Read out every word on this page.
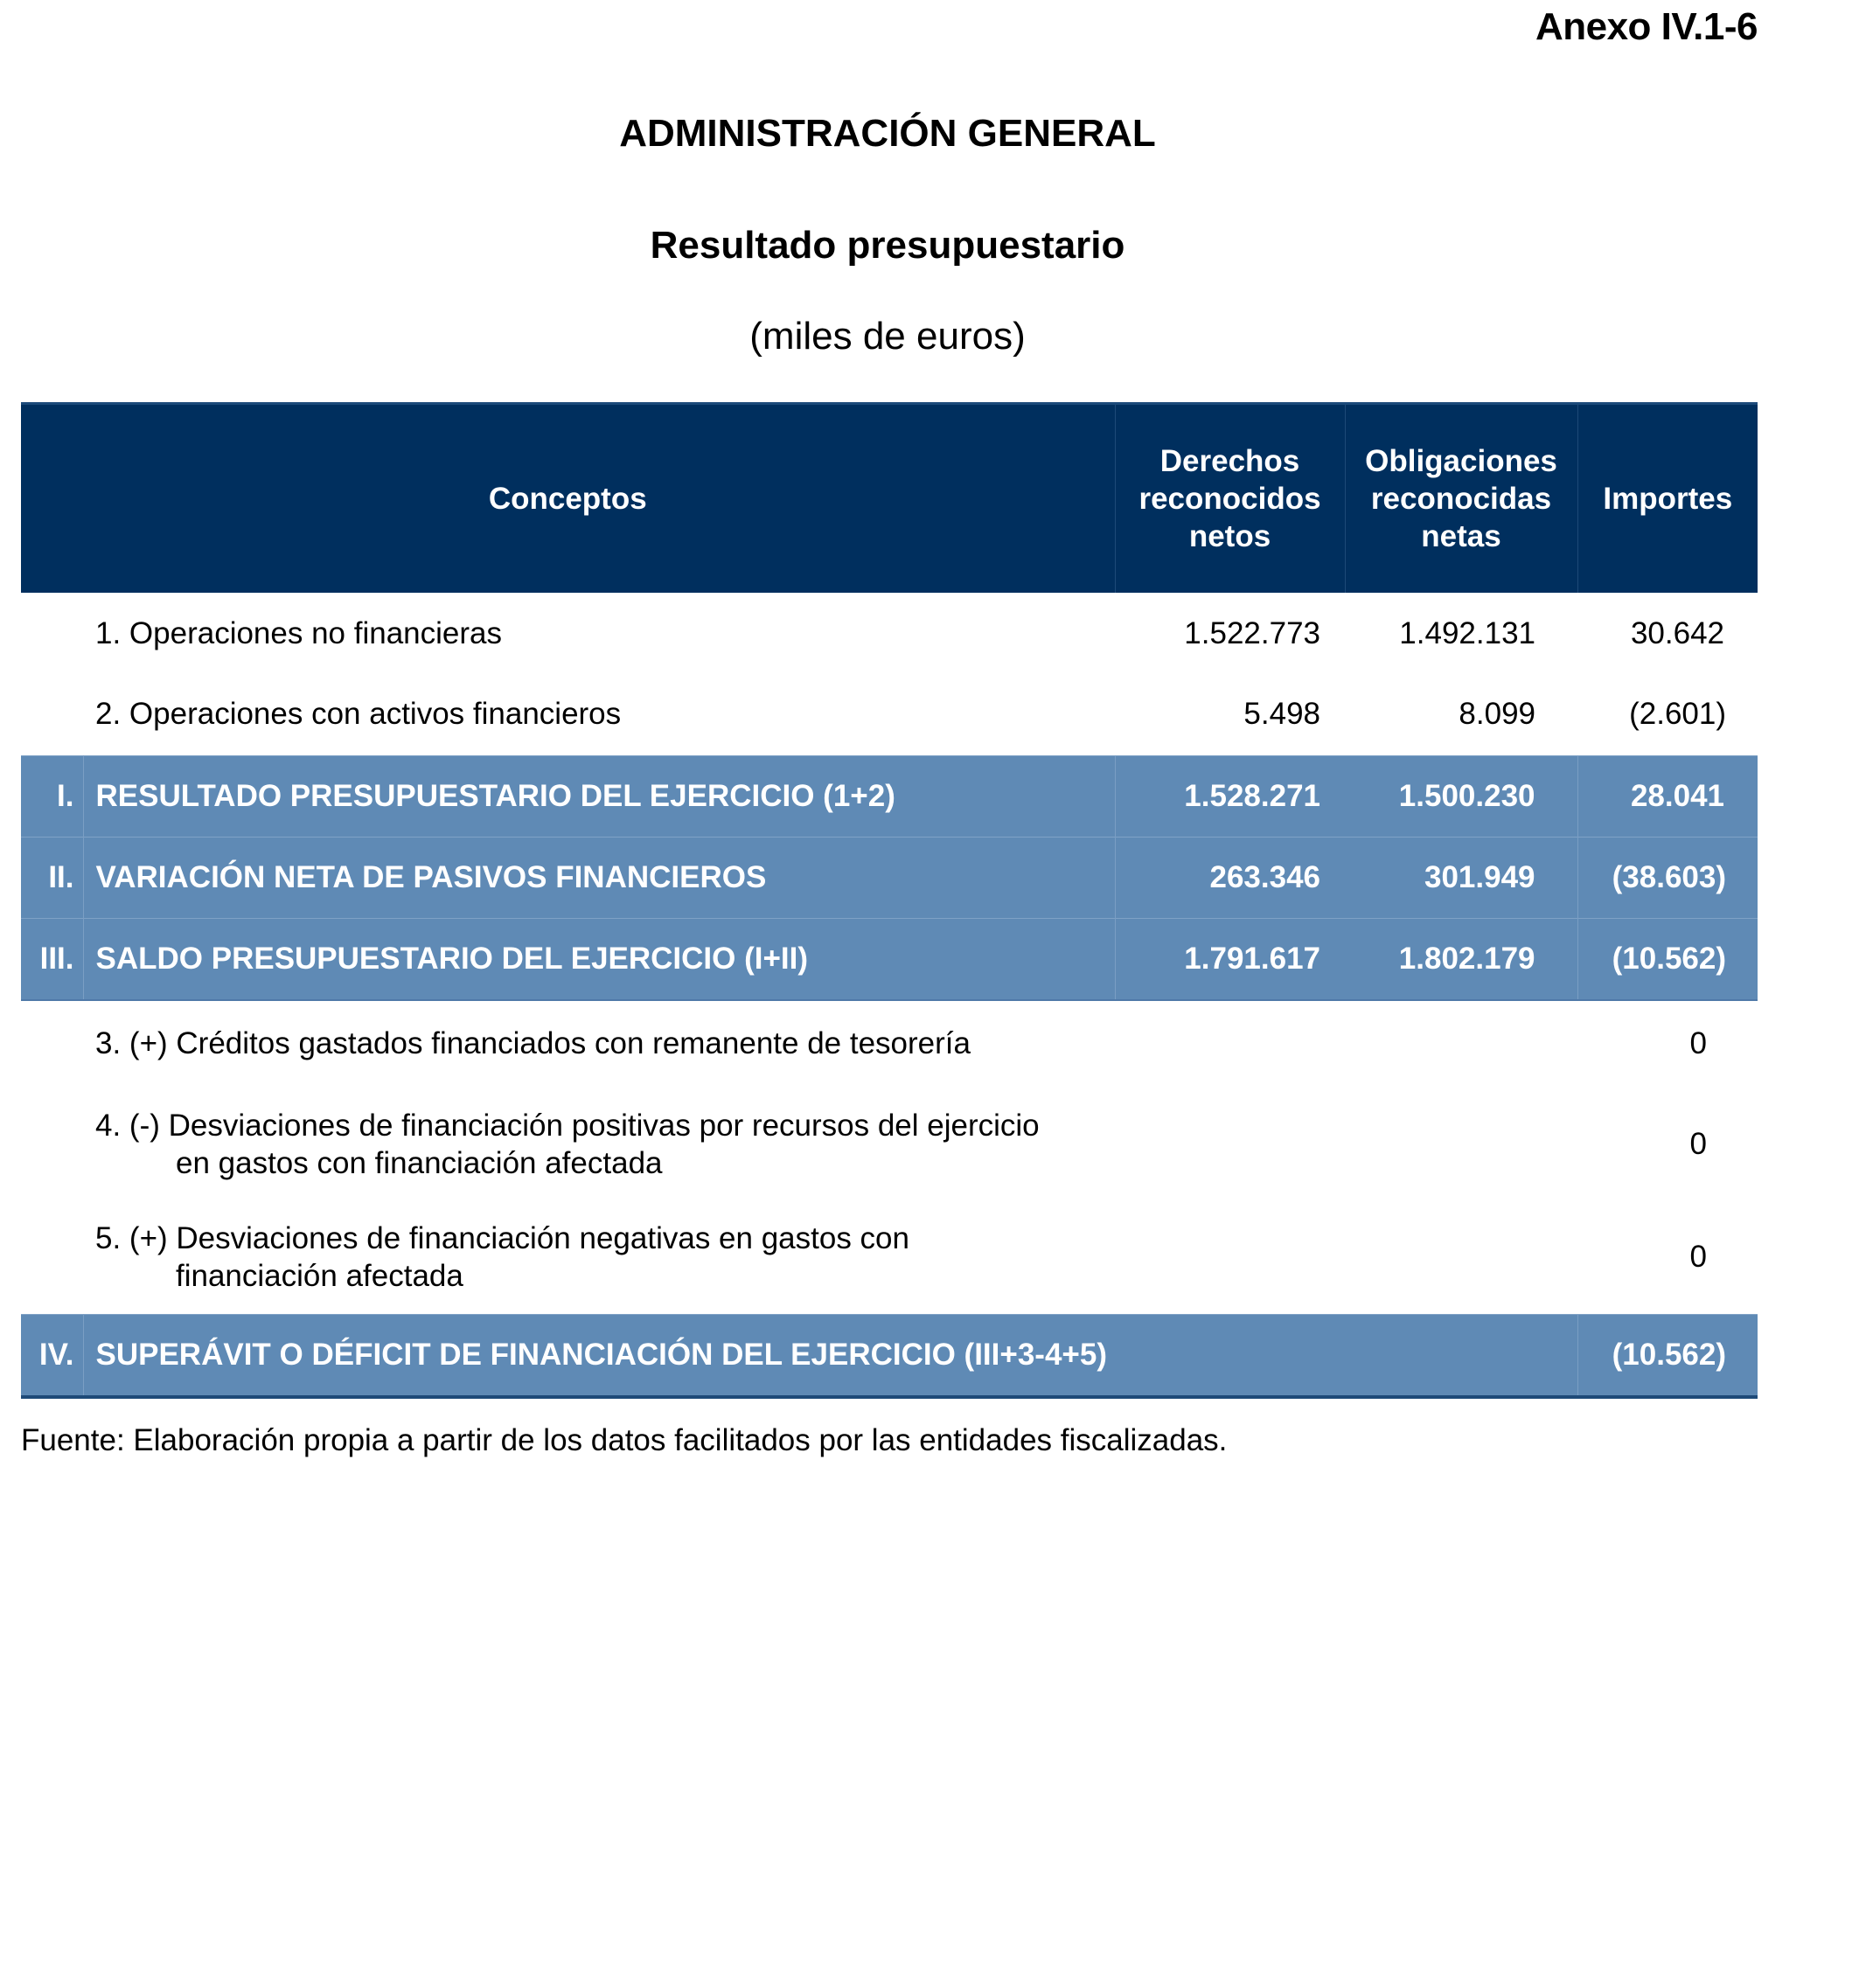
Anexo IV.1-6
ADMINISTRACIÓN GENERAL
Resultado presupuestario
(miles de euros)
Conceptos		Derechos
reconocidos
netos	Obligaciones
reconocidas
netas	Importes
	1. Operaciones no financieras	1.522.773	1.492.131	30.642
	2. Operaciones con activos financieros	5.498	8.099	(2.601)
I.	RESULTADO PRESUPUESTARIO DEL EJERCICIO (1+2)	1.528.271	1.500.230	28.041
II.	VARIACIÓN NETA DE PASIVOS FINANCIEROS	263.346	301.949	(38.603)
III.	SALDO PRESUPUESTARIO DEL EJERCICIO (I+II)	1.791.617	1.802.179	(10.562)
	3. (+) Créditos gastados financiados con remanente de tesorería			0
	4. (-) Desviaciones de financiación positivas por recursos del ejercicio
en gastos con financiación afectada			0
	5. (+) Desviaciones de financiación negativas en gastos con
financiación afectada			0
IV.	SUPERÁVIT O DÉFICIT DE FINANCIACIÓN DEL EJERCICIO (III+3-4+5)			(10.562)
Fuente: Elaboración propia a partir de los datos facilitados por las entidades fiscalizadas.
